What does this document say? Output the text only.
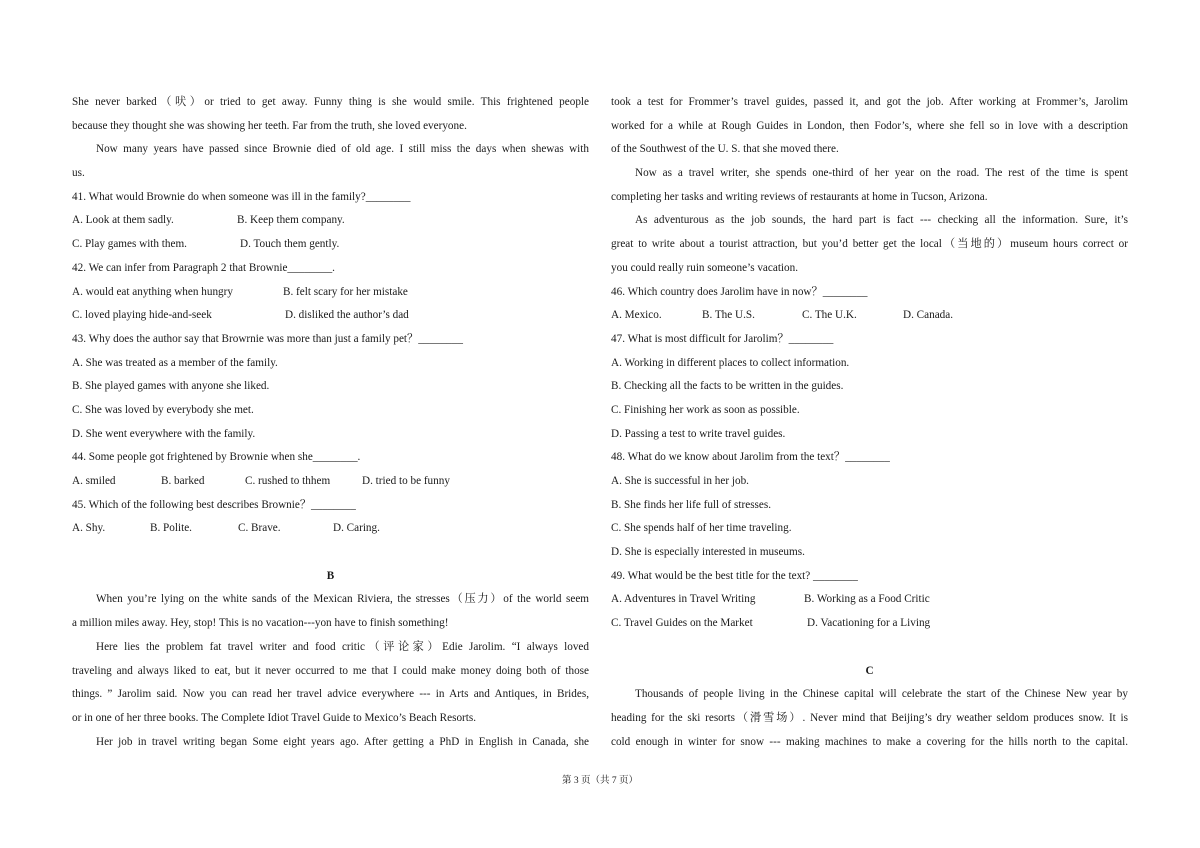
She never barked（吠）or tried to get away. Funny thing is she would smile. This frightened people
because they thought she was showing her teeth. Far from the truth, she loved everyone.
Now many years have passed since Brownie died of old age. I still miss the days when shewas with
us.
41. What would Brownie do when someone was ill in the family?________
A. Look at them sadly.	B. Keep them company.
C. Play games with them.	D. Touch them gently.
42. We can infer from Paragraph 2 that Brownie________.
A. would eat anything when hungry	B. felt scary for her mistake
C. loved playing hide-and-seek	D. disliked the author’s dad
43. Why does the author say that Browrnie was more than just a family pet？________
A. She was treated as a member of the family.
B. She played games with anyone she liked.
C. She was loved by everybody she met.
D. She went everywhere with the family.
44. Some people got frightened by Brownie when she________.
A. smiled	B. barked	C. rushed to thhem	D. tried to be funny
45. Which of the following best describes Brownie？________
A. Shy.	B. Polite.	C. Brave.	D. Caring.
B
When you’re lying on the white sands of the Mexican Riviera, the stresses（压力）of the world seem
a million miles away. Hey, stop! This is no vacation---yon have to finish something!
Here lies the problem fat travel writer and food critic（评论家）Edie Jarolim. “I always loved
traveling and always liked to eat, but it never occurred to me that I could make money doing both of those
things. ” Jarolim said. Now you can read her travel advice everywhere --- in Arts and Antiques, in Brides,
or in one of her three books. The Complete Idiot Travel Guide to Mexico’s Beach Resorts.
Her job in travel writing began Some eight years ago. After getting a PhD in English in Canada, she
took a test for Frommer’s travel guides, passed it, and got the job. After working at Frommer’s, Jarolim
worked for a while at Rough Guides in London, then Fodor’s, where she fell so in love with a description
of the Southwest of the U. S. that she moved there.
Now as a travel writer, she spends one-third of her year on the road. The rest of the time is spent
completing her tasks and writing reviews of restaurants at home in Tucson, Arizona.
As adventurous as the job sounds, the hard part is fact --- checking all the information. Sure, it’s
great to write about a tourist attraction, but you’d better get the local（当地的）museum hours correct or
you could really ruin someone’s vacation.
46. Which country does Jarolim have in now？________
A. Mexico.	B. The U.S.	C. The U.K.	D. Canada.
47. What is most difficult for Jarolim？________
A. Working in different places to collect information.
B. Checking all the facts to be written in the guides.
C. Finishing her work as soon as possible.
D. Passing a test to write travel guides.
48. What do we know about Jarolim from the text？________
A. She is successful in her job.
B. She finds her life full of stresses.
C. She spends half of her time traveling.
D. She is especially interested in museums.
49. What would be the best title for the text? ________
A. Adventures in Travel Writing	B. Working as a Food Critic
C. Travel Guides on the Market	D. Vacationing for a Living
C
Thousands of people living in the Chinese capital will celebrate the start of the Chinese New year by
heading for the ski resorts（滑雪场）. Never mind that Beijing’s dry weather seldom produces snow. It is
cold enough in winter for snow --- making machines to make a covering for the hills north to the capital.
第 3 页（共 7 页）
